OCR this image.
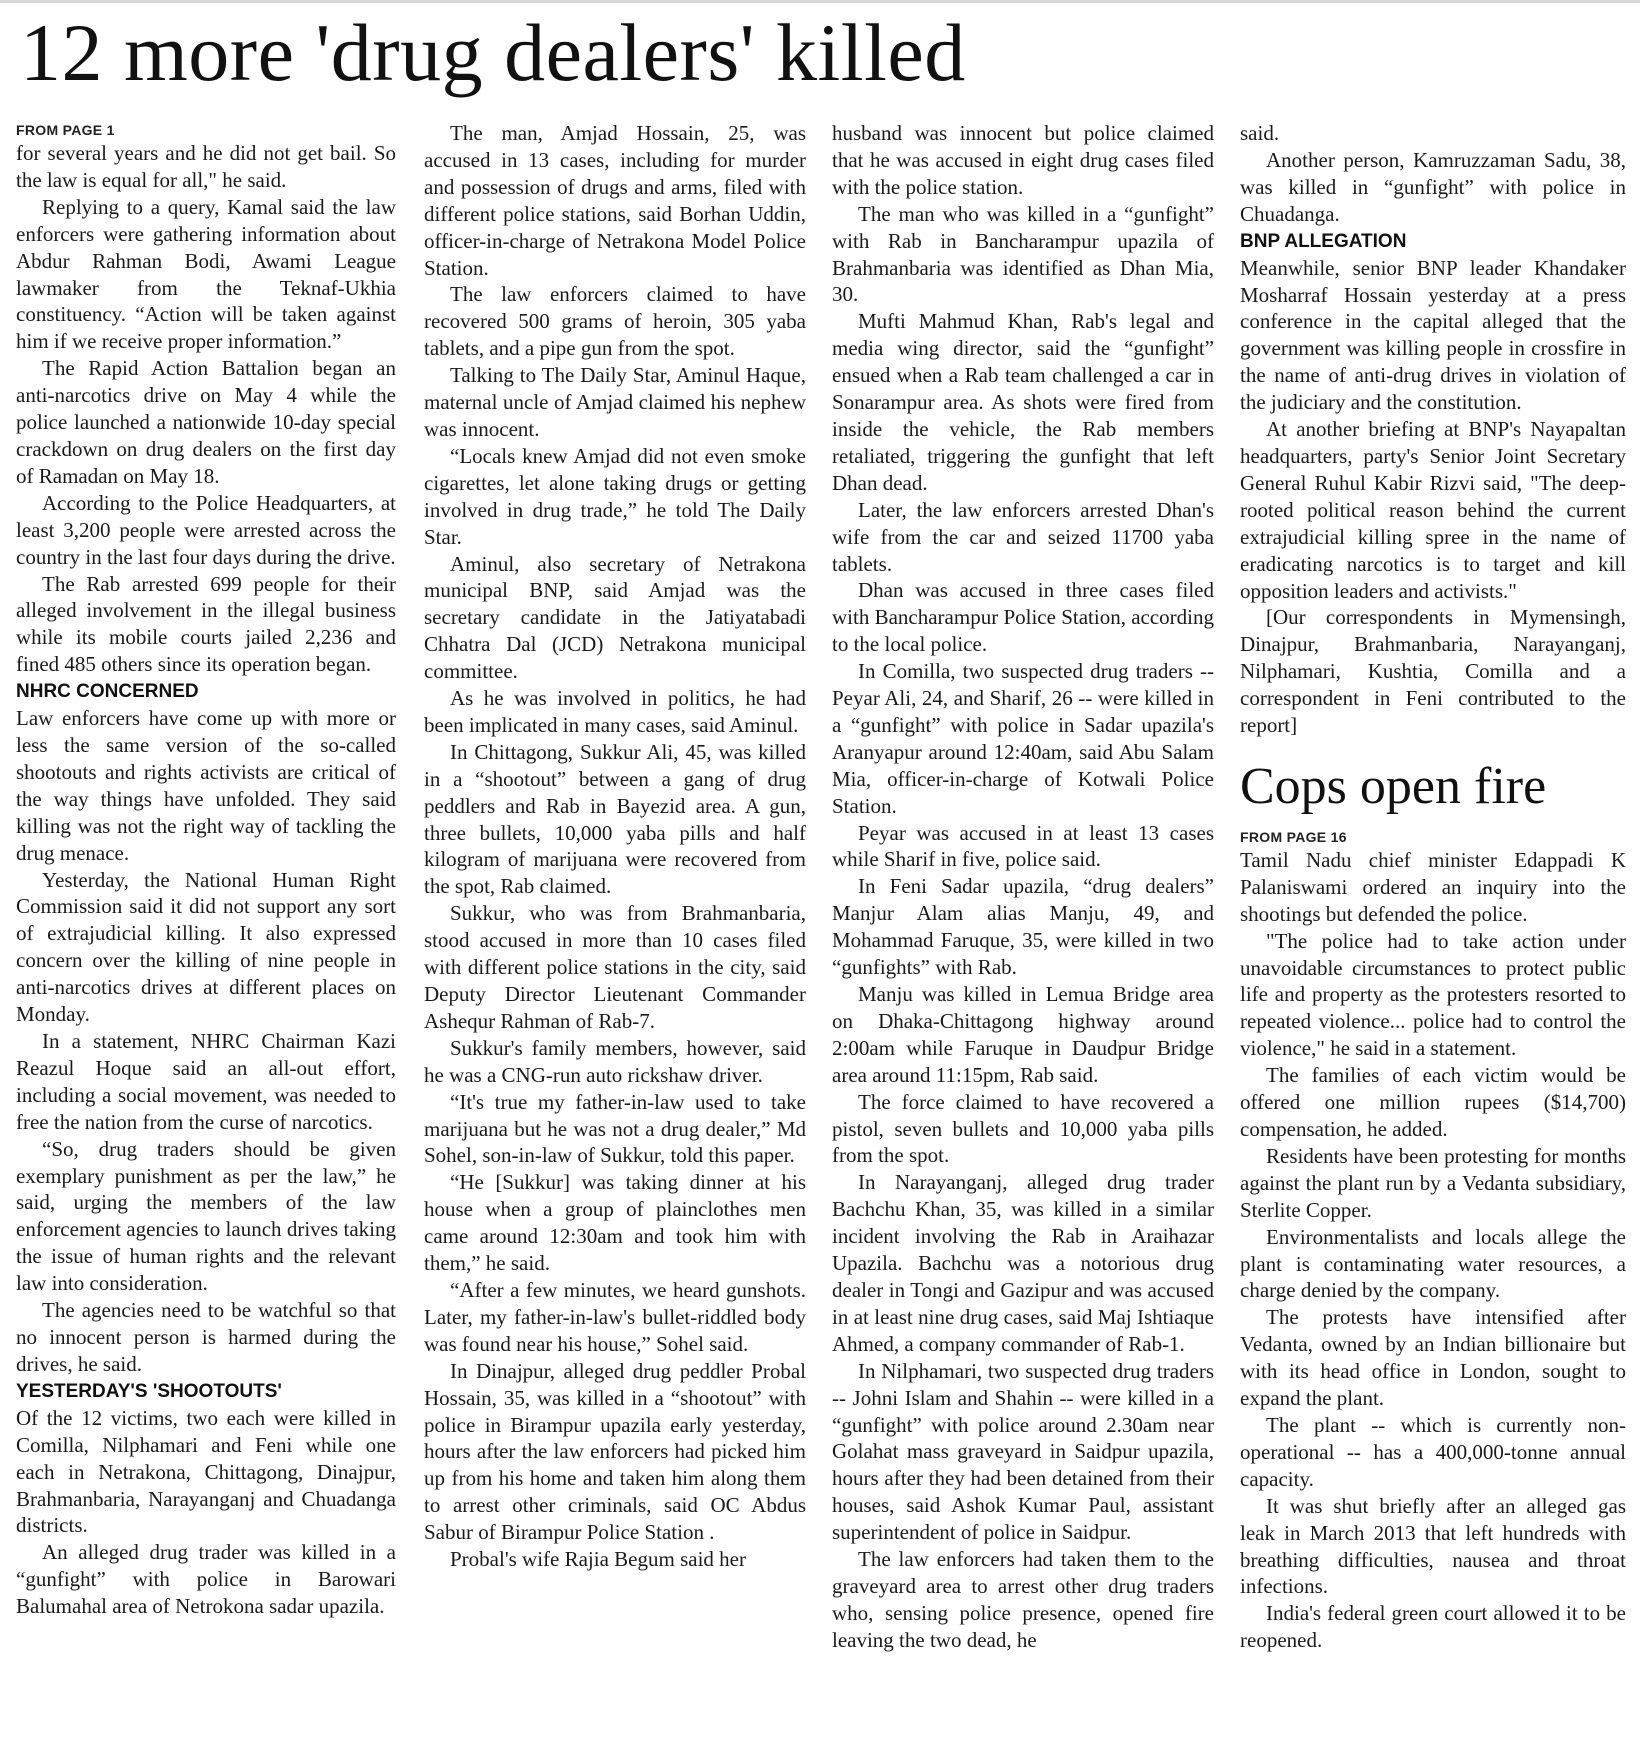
12 more 'drug dealers' killed
FROM PAGE 1

for several years and he did not get bail. So the law is equal for all," he said.

Replying to a query, Kamal said the law enforcers were gathering information about Abdur Rahman Bodi, Awami League lawmaker from the Teknaf-Ukhia constituency. “Action will be taken against him if we receive proper information.”

The Rapid Action Battalion began an anti-narcotics drive on May 4 while the police launched a nationwide 10-day special crackdown on drug dealers on the first day of Ramadan on May 18.

According to the Police Headquarters, at least 3,200 people were arrested across the country in the last four days during the drive.

The Rab arrested 699 people for their alleged involvement in the illegal business while its mobile courts jailed 2,236 and fined 485 others since its operation began.

NHRC CONCERNED

Law enforcers have come up with more or less the same version of the so-called shootouts and rights activists are critical of the way things have unfolded. They said killing was not the right way of tackling the drug menace.

Yesterday, the National Human Right Commission said it did not support any sort of extrajudicial killing. It also expressed concern over the killing of nine people in anti-narcotics drives at different places on Monday.

In a statement, NHRC Chairman Kazi Reazul Hoque said an all-out effort, including a social movement, was needed to free the nation from the curse of narcotics.

“So, drug traders should be given exemplary punishment as per the law,” he said, urging the members of the law enforcement agencies to launch drives taking the issue of human rights and the relevant law into consideration.

The agencies need to be watchful so that no innocent person is harmed during the drives, he said.

YESTERDAY'S 'SHOOTOUTS'

Of the 12 victims, two each were killed in Comilla, Nilphamari and Feni while one each in Netrakona, Chittagong, Dinajpur, Brahmanbaria, Narayanganj and Chuadanga districts.

An alleged drug trader was killed in a “gunfight” with police in Barowari Balumahal area of Netrokona sadar upazila.

The man, Amjad Hossain, 25, was accused in 13 cases, including for murder and possession of drugs and arms, filed with different police stations, said Borhan Uddin, officer-in-charge of Netrakona Model Police Station.

The law enforcers claimed to have recovered 500 grams of heroin, 305 yaba tablets, and a pipe gun from the spot.

Talking to The Daily Star, Aminul Haque, maternal uncle of Amjad claimed his nephew was innocent.

“Locals knew Amjad did not even smoke cigarettes, let alone taking drugs or getting involved in drug trade,” he told The Daily Star.

Aminul, also secretary of Netrakona municipal BNP, said Amjad was the secretary candidate in the Jatiyatabadi Chhatra Dal (JCD) Netrakona municipal committee.

As he was involved in politics, he had been implicated in many cases, said Aminul.

In Chittagong, Sukkur Ali, 45, was killed in a “shootout” between a gang of drug peddlers and Rab in Bayezid area. A gun, three bullets, 10,000 yaba pills and half kilogram of marijuana were recovered from the spot, Rab claimed.

Sukkur, who was from Brahmanbaria, stood accused in more than 10 cases filed with different police stations in the city, said Deputy Director Lieutenant Commander Ashequr Rahman of Rab-7.

Sukkur's family members, however, said he was a CNG-run auto rickshaw driver.

“It's true my father-in-law used to take marijuana but he was not a drug dealer,” Md Sohel, son-in-law of Sukkur, told this paper.

“He [Sukkur] was taking dinner at his house when a group of plainclothes men came around 12:30am and took him with them,” he said.

“After a few minutes, we heard gunshots. Later, my father-in-law's bullet-riddled body was found near his house,” Sohel said.

In Dinajpur, alleged drug peddler Probal Hossain, 35, was killed in a “shootout” with police in Birampur upazila early yesterday, hours after the law enforcers had picked him up from his home and taken him along them to arrest other criminals, said OC Abdus Sabur of Birampur Police Station .

Probal's wife Rajia Begum said her

husband was innocent but police claimed that he was accused in eight drug cases filed with the police station.

The man who was killed in a “gunfight” with Rab in Bancharampur upazila of Brahmanbaria was identified as Dhan Mia, 30.

Mufti Mahmud Khan, Rab's legal and media wing director, said the “gunfight” ensued when a Rab team challenged a car in Sonarampur area. As shots were fired from inside the vehicle, the Rab members retaliated, triggering the gunfight that left Dhan dead.

Later, the law enforcers arrested Dhan's wife from the car and seized 11700 yaba tablets.

Dhan was accused in three cases filed with Bancharampur Police Station, according to the local police.

In Comilla, two suspected drug traders -- Peyar Ali, 24, and Sharif, 26 -- were killed in a “gunfight” with police in Sadar upazila's Aranyapur around 12:40am, said Abu Salam Mia, officer-in-charge of Kotwali Police Station.

Peyar was accused in at least 13 cases while Sharif in five, police said.

In Feni Sadar upazila, “drug dealers” Manjur Alam alias Manju, 49, and Mohammad Faruque, 35, were killed in two “gunfights” with Rab.

Manju was killed in Lemua Bridge area on Dhaka-Chittagong highway around 2:00am while Faruque in Daudpur Bridge area around 11:15pm, Rab said.

The force claimed to have recovered a pistol, seven bullets and 10,000 yaba pills from the spot.

In Narayanganj, alleged drug trader Bachchu Khan, 35, was killed in a similar incident involving the Rab in Araihazar Upazila. Bachchu was a notorious drug dealer in Tongi and Gazipur and was accused in at least nine drug cases, said Maj Ishtiaque Ahmed, a company commander of Rab-1.

In Nilphamari, two suspected drug traders -- Johni Islam and Shahin -- were killed in a “gunfight” with police around 2.30am near Golahat mass graveyard in Saidpur upazila, hours after they had been detained from their houses, said Ashok Kumar Paul, assistant superintendent of police in Saidpur.

The law enforcers had taken them to the graveyard area to arrest other drug traders who, sensing police presence, opened fire leaving the two dead, he

said.

Another person, Kamruzzaman Sadu, 38, was killed in “gunfight” with police in Chuadanga.

BNP ALLEGATION

Meanwhile, senior BNP leader Khandaker Mosharraf Hossain yesterday at a press conference in the capital alleged that the government was killing people in crossfire in the name of anti-drug drives in violation of the judiciary and the constitution.

At another briefing at BNP's Nayapaltan headquarters, party's Senior Joint Secretary General Ruhul Kabir Rizvi said, "The deep-rooted political reason behind the current extrajudicial killing spree in the name of eradicating narcotics is to target and kill opposition leaders and activists."

[Our correspondents in Mymensingh, Dinajpur, Brahmanbaria, Narayanganj, Nilphamari, Kushtia, Comilla and a correspondent in Feni contributed to the report]

Cops open fire
FROM PAGE 16

Tamil Nadu chief minister Edappadi K Palaniswami ordered an inquiry into the shootings but defended the police.

"The police had to take action under unavoidable circumstances to protect public life and property as the protesters resorted to repeated violence... police had to control the violence," he said in a statement.

The families of each victim would be offered one million rupees ($14,700) compensation, he added.

Residents have been protesting for months against the plant run by a Vedanta subsidiary, Sterlite Copper.

Environmentalists and locals allege the plant is contaminating water resources, a charge denied by the company.

The protests have intensified after Vedanta, owned by an Indian billionaire but with its head office in London, sought to expand the plant.

The plant -- which is currently non-operational -- has a 400,000-tonne annual capacity.

It was shut briefly after an alleged gas leak in March 2013 that left hundreds with breathing difficulties, nausea and throat infections.

India's federal green court allowed it to be reopened.
